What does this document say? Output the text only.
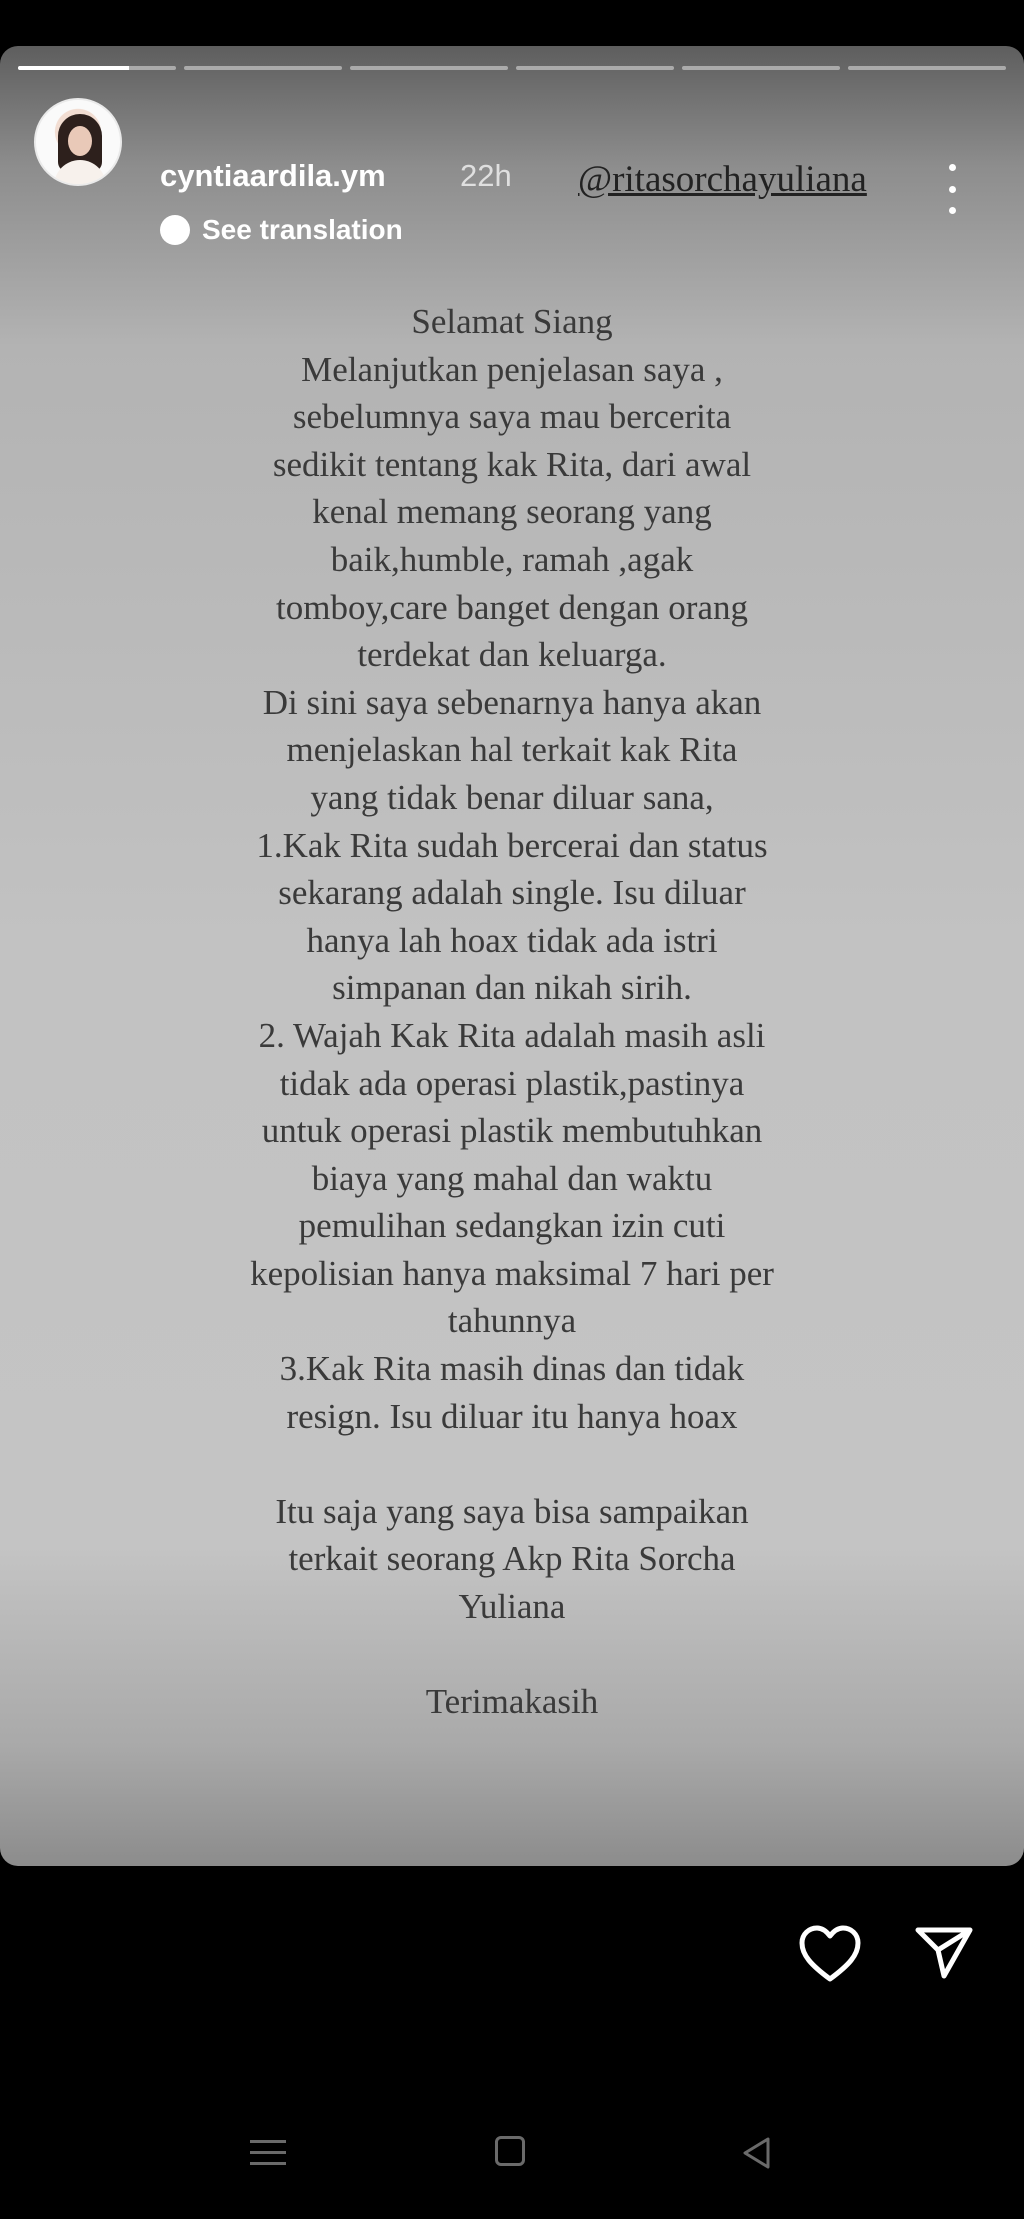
cyntiaardila.ym 22h
See translation
@ritasorchayuliana
Selamat Siang
Melanjutkan penjelasan saya ,
sebelumnya saya mau bercerita
sedikit tentang kak Rita, dari awal
kenal memang seorang yang
baik,humble, ramah ,agak
tomboy,care banget dengan orang
terdekat dan keluarga.
Di sini saya sebenarnya hanya akan
menjelaskan hal terkait kak Rita
yang tidak benar diluar sana,
1.Kak Rita sudah bercerai dan status
sekarang adalah single. Isu diluar
hanya lah hoax tidak ada istri
simpanan dan nikah sirih.
2. Wajah Kak Rita adalah masih asli
tidak ada operasi plastik,pastinya
untuk operasi plastik membutuhkan
biaya yang mahal dan waktu
pemulihan sedangkan izin cuti
kepolisian hanya maksimal 7 hari per
tahunnya
3.Kak Rita masih dinas dan tidak
resign. Isu diluar itu hanya hoax
Itu saja yang saya bisa sampaikan
terkait seorang Akp Rita Sorcha
Yuliana
Terimakasih
